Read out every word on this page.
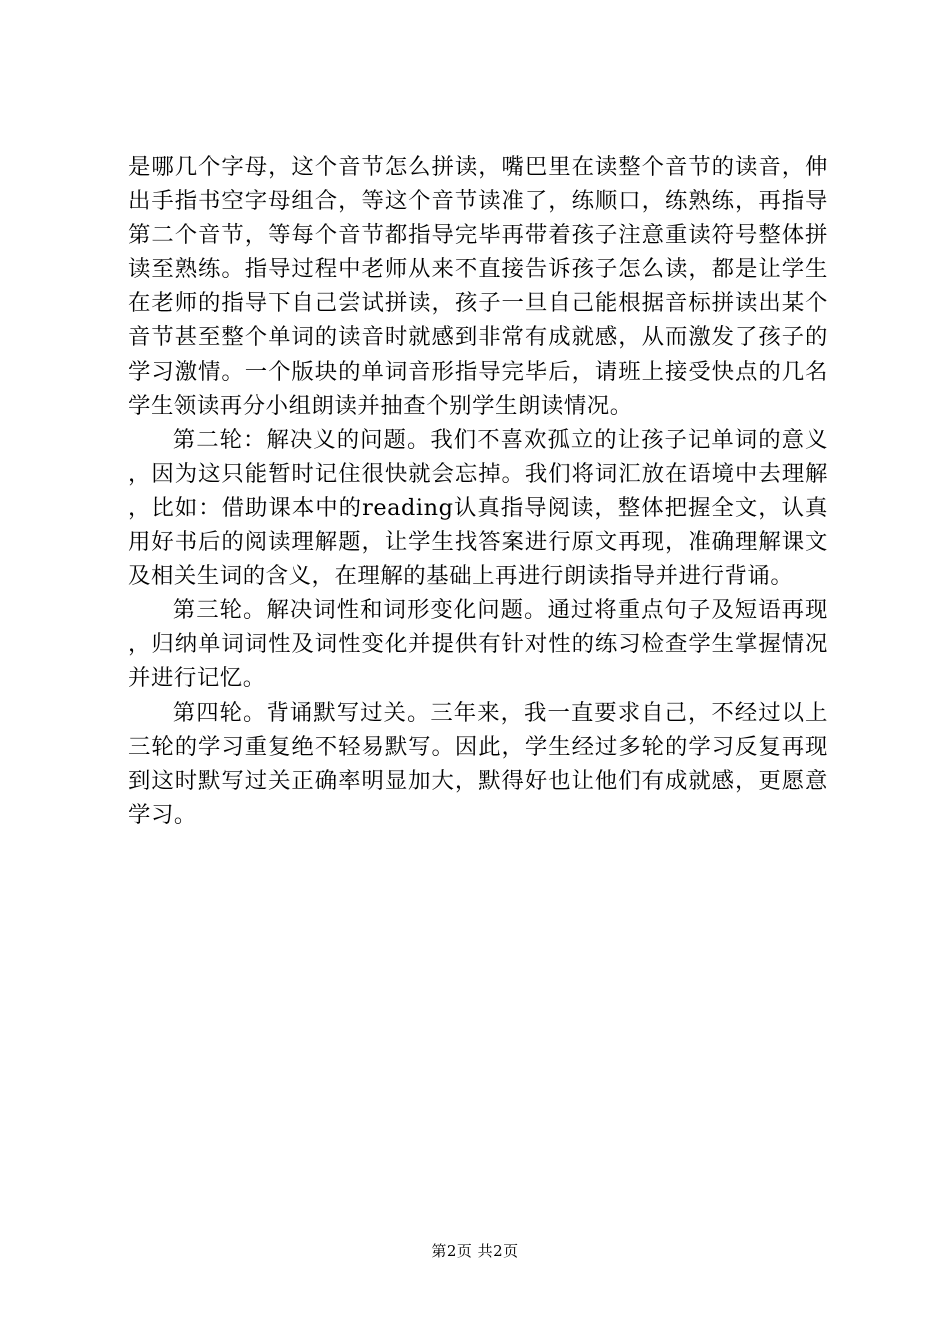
是哪几个字母，这个音节怎么拼读，嘴巴里在读整个音节的读音，伸出手指书空字母组合，等这个音节读准了，练顺口，练熟练，再指导第二个音节，等每个音节都指导完毕再带着孩子注意重读符号整体拼读至熟练。指导过程中老师从来不直接告诉孩子怎么读，都是让学生在老师的指导下自己尝试拼读，孩子一旦自己能根据音标拼读出某个音节甚至整个单词的读音时就感到非常有成就感，从而激发了孩子的学习激情。一个版块的单词音形指导完毕后，请班上接受快点的几名学生领读再分小组朗读并抽查个别学生朗读情况。

第二轮：解决义的问题。我们不喜欢孤立的让孩子记单词的意义，因为这只能暂时记住很快就会忘掉。我们将词汇放在语境中去理解，比如：借助课本中的reading认真指导阅读，整体把握全文，认真用好书后的阅读理解题，让学生找答案进行原文再现，准确理解课文及相关生词的含义，在理解的基础上再进行朗读指导并进行背诵。

第三轮。解决词性和词形变化问题。通过将重点句子及短语再现，归纳单词词性及词性变化并提供有针对性的练习检查学生掌握情况并进行记忆。

第四轮。背诵默写过关。三年来，我一直要求自己，不经过以上三轮的学习重复绝不轻易默写。因此，学生经过多轮的学习反复再现到这时默写过关正确率明显加大，默得好也让他们有成就感，更愿意学习。

第2页 共2页
